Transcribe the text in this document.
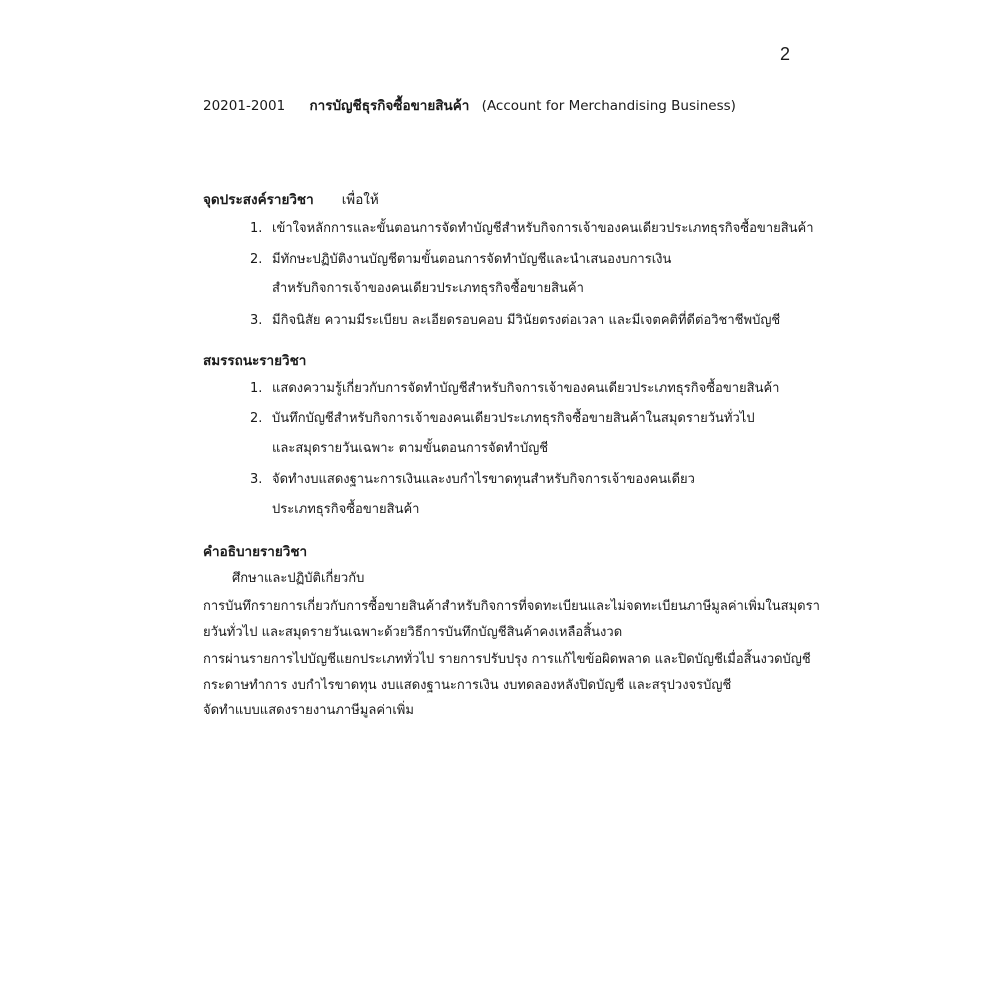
2
20201-2001 การบัญชีธุรกิจซื้อขายสินค้า (Account for Merchandising Business)
จุดประสงค์รายวิชา เพื่อให้
1. เข้าใจหลักการและขั้นตอนการจัดทำบัญชีสำหรับกิจการเจ้าของคนเดียวประเภทธุรกิจซื้อขายสินค้า
2. มีทักษะปฏิบัติงานบัญชีตามขั้นตอนการจัดทำบัญชีและนำเสนองบการเงิน
สำหรับกิจการเจ้าของคนเดียวประเภทธุรกิจซื้อขายสินค้า
3. มีกิจนิสัย ความมีระเบียบ ละเอียดรอบคอบ มีวินัยตรงต่อเวลา และมีเจตคติที่ดีต่อวิชาชีพบัญชี
สมรรถนะรายวิชา
1. แสดงความรู้เกี่ยวกับการจัดทำบัญชีสำหรับกิจการเจ้าของคนเดียวประเภทธุรกิจซื้อขายสินค้า
2. บันทึกบัญชีสำหรับกิจการเจ้าของคนเดียวประเภทธุรกิจซื้อขายสินค้าในสมุดรายวันทั่วไป
และสมุดรายวันเฉพาะ ตามขั้นตอนการจัดทำบัญชี
3. จัดทำงบแสดงฐานะการเงินและงบกำไรขาดทุนสำหรับกิจการเจ้าของคนเดียว
ประเภทธุรกิจซื้อขายสินค้า
คำอธิบายรายวิชา
ศึกษาและปฏิบัติเกี่ยวกับ
การบันทึกรายการเกี่ยวกับการซื้อขายสินค้าสำหรับกิจการที่จดทะเบียนและไม่จดทะเบียนภาษีมูลค่าเพิ่มในสมุดรา
ยวันทั่วไป และสมุดรายวันเฉพาะด้วยวิธีการบันทึกบัญชีสินค้าคงเหลือสิ้นงวด
การผ่านรายการไปบัญชีแยกประเภททั่วไป รายการปรับปรุง การแก้ไขข้อผิดพลาด และปิดบัญชีเมื่อสิ้นงวดบัญชี
กระดาษทำการ งบกำไรขาดทุน งบแสดงฐานะการเงิน งบทดลองหลังปิดบัญชี และสรุปวงจรบัญชี
จัดทำแบบแสดงรายงานภาษีมูลค่าเพิ่ม
